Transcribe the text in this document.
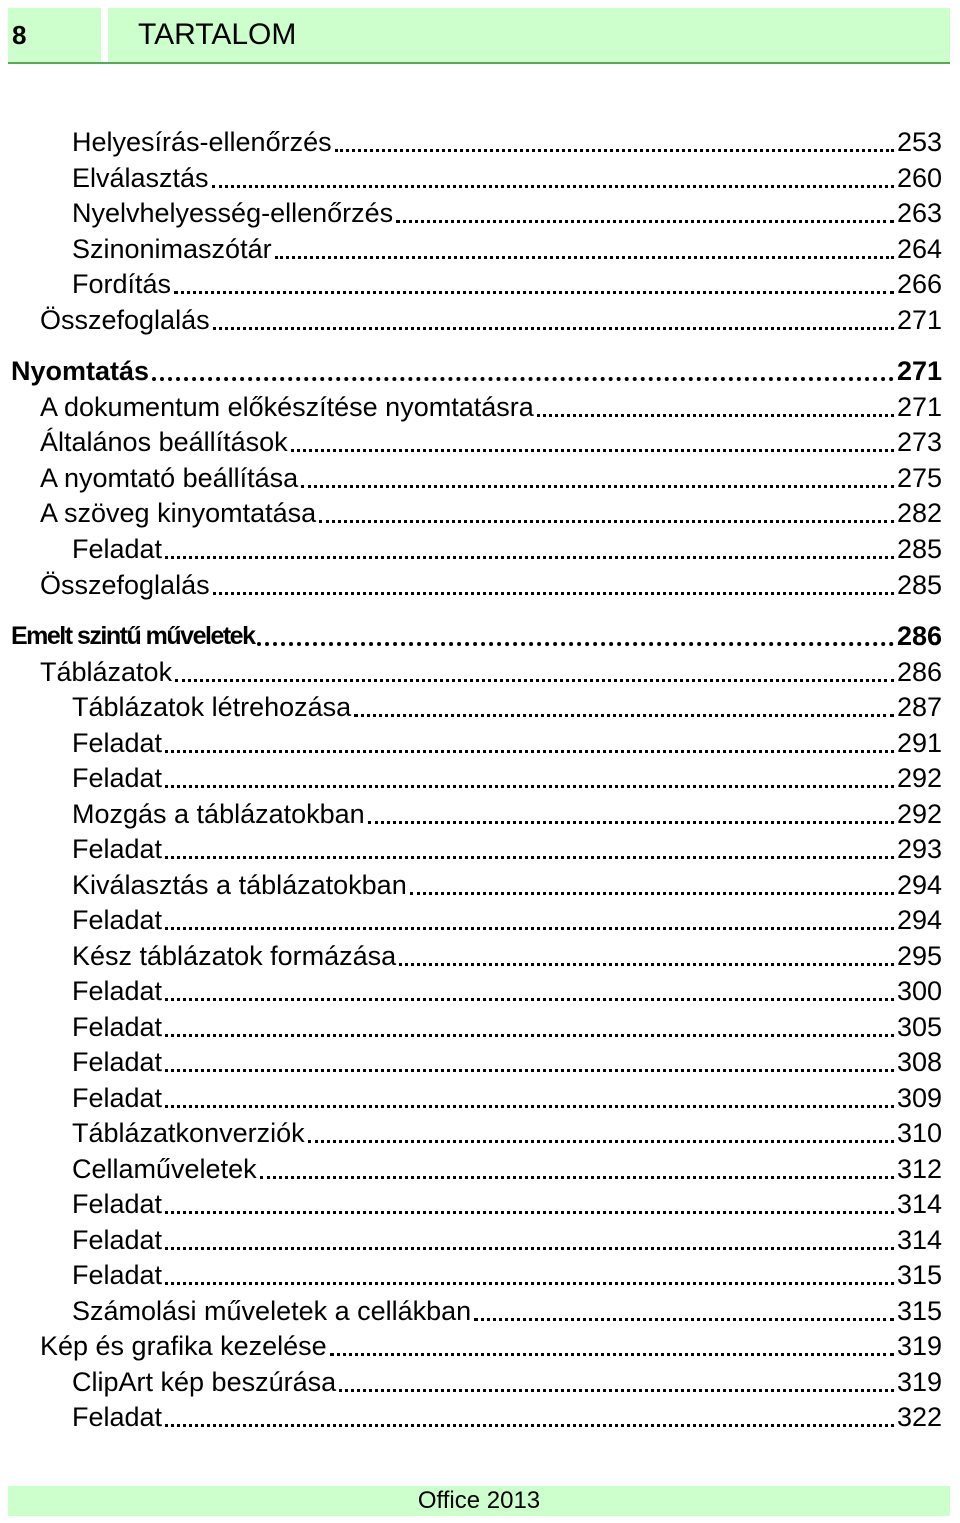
8	TARTALOM
Helyesírás-ellenőrzés	253
Elválasztás	260
Nyelvhelyesség-ellenőrzés	263
Szinonimaszótár	264
Fordítás	266
Összefoglalás	271
Nyomtatás	271
A dokumentum előkészítése nyomtatásra	271
Általános beállítások	273
A nyomtató beállítása	275
A szöveg kinyomtatása	282
Feladat	285
Összefoglalás	285
Emelt szintű műveletek	286
Táblázatok	286
Táblázatok létrehozása	287
Feladat	291
Feladat	292
Mozgás a táblázatokban	292
Feladat	293
Kiválasztás a táblázatokban	294
Feladat	294
Kész táblázatok formázása	295
Feladat	300
Feladat	305
Feladat	308
Feladat	309
Táblázatkonverziók	310
Cellaműveletek	312
Feladat	314
Feladat	314
Feladat	315
Számolási műveletek a cellákban	315
Kép és grafika kezelése	319
ClipArt kép beszúrása	319
Feladat	322
Office 2013
